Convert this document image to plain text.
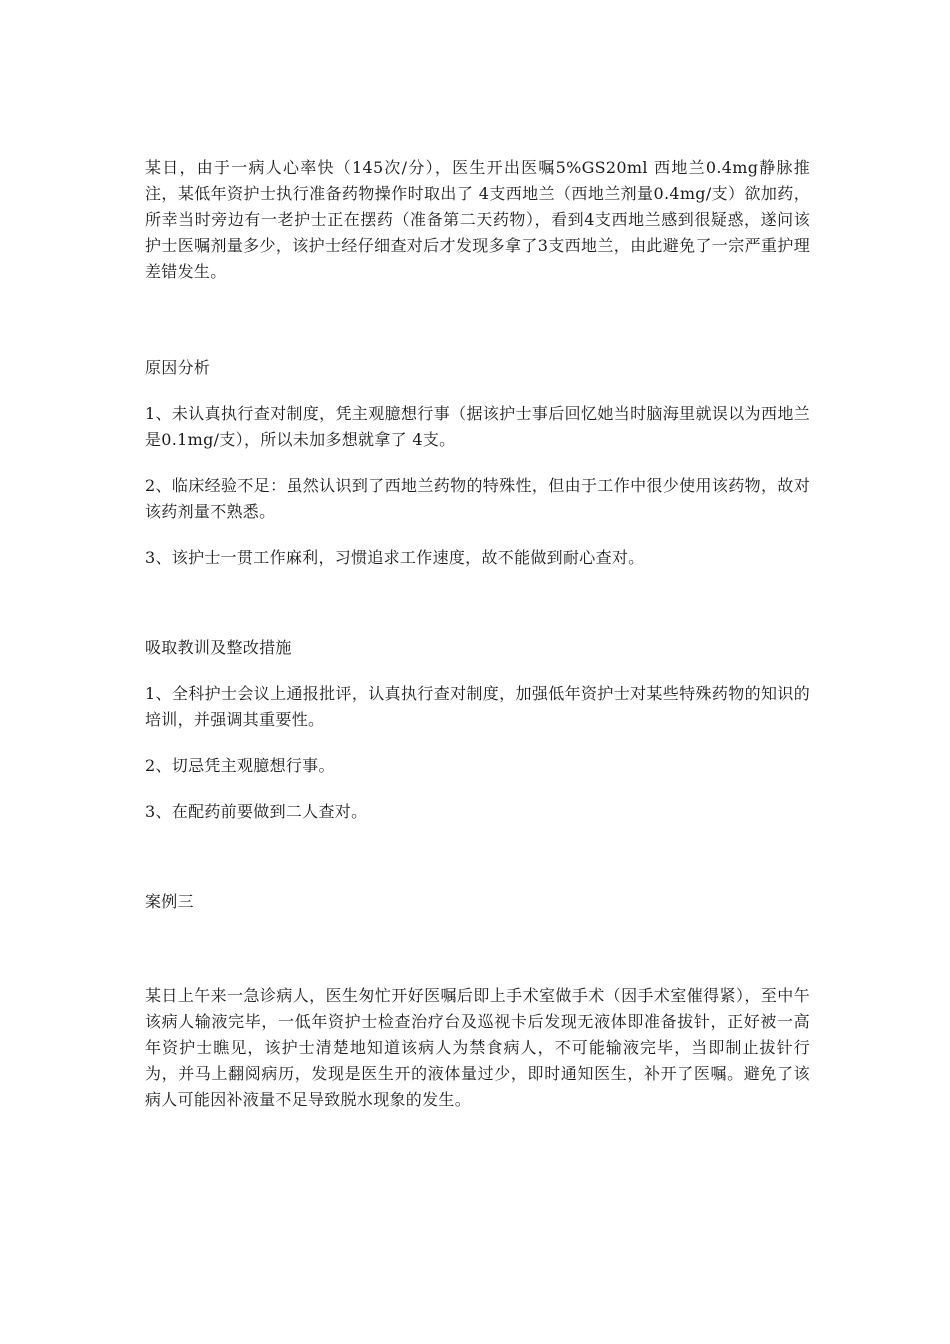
某日，由于一病人心率快（145次/分），医生开出医嘱5%GS20ml 西地兰0.4mg静脉推注，某低年资护士执行准备药物操作时取出了 4支西地兰（西地兰剂量0.4mg/支）欲加药，所幸当时旁边有一老护士正在摆药（准备第二天药物），看到4支西地兰感到很疑惑，遂问该护士医嘱剂量多少，该护士经仔细查对后才发现多拿了3支西地兰，由此避免了一宗严重护理差错发生。

原因分析

1、未认真执行查对制度，凭主观臆想行事（据该护士事后回忆她当时脑海里就误以为西地兰是0.1mg/支），所以未加多想就拿了 4支。

2、临床经验不足：虽然认识到了西地兰药物的特殊性，但由于工作中很少使用该药物，故对该药剂量不熟悉。

3、该护士一贯工作麻利，习惯追求工作速度，故不能做到耐心查对。

吸取教训及整改措施

1、全科护士会议上通报批评，认真执行查对制度，加强低年资护士对某些特殊药物的知识的培训，并强调其重要性。

2、切忌凭主观臆想行事。

3、在配药前要做到二人查对。

案例三

某日上午来一急诊病人，医生匆忙开好医嘱后即上手术室做手术（因手术室催得紧），至中午该病人输液完毕，一低年资护士检查治疗台及巡视卡后发现无液体即准备拔针，正好被一高年资护士瞧见，该护士清楚地知道该病人为禁食病人，不可能输液完毕，当即制止拔针行为，并马上翻阅病历，发现是医生开的液体量过少，即时通知医生，补开了医嘱。避免了该病人可能因补液量不足导致脱水现象的发生。
